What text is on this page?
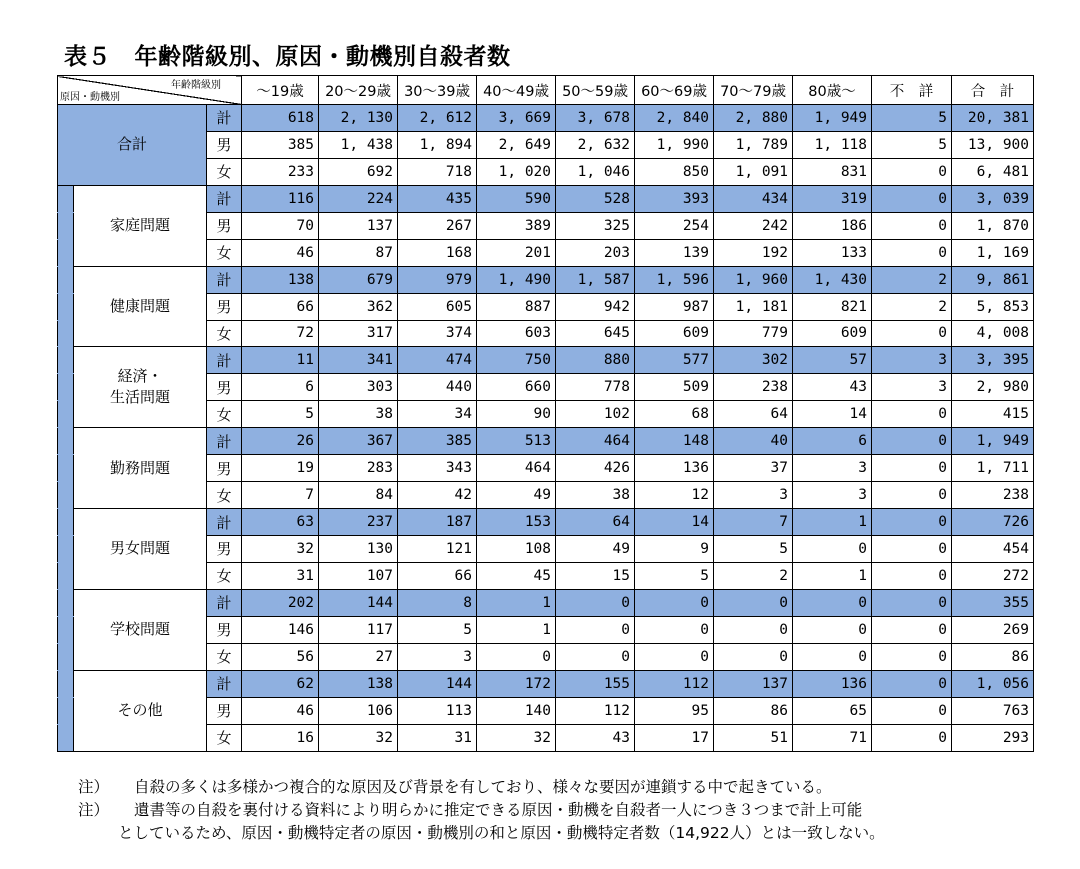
表５　年齢階級別、原因・動機別自殺者数
年齢階級別
原因・動機別			～19歳	20～29歳	30～39歳	40～49歳	50～59歳	60～69歳	70～79歳	80歳～	不　詳	合　計
合計		計	618	2, 130	2, 612	3, 669	3, 678	2, 840	2, 880	1, 949	5	20, 381
		男	385	1, 438	1, 894	2, 649	2, 632	1, 990	1, 789	1, 118	5	13, 900
		女	233	692	718	1, 020	1, 046	850	1, 091	831	0	6, 481
	家庭問題	計	116	224	435	590	528	393	434	319	0	3, 039
		男	70	137	267	389	325	254	242	186	0	1, 870
		女	46	87	168	201	203	139	192	133	0	1, 169
	健康問題	計	138	679	979	1, 490	1, 587	1, 596	1, 960	1, 430	2	9, 861
		男	66	362	605	887	942	987	1, 181	821	2	5, 853
		女	72	317	374	603	645	609	779	609	0	4, 008
	経済・
生活問題	計	11	341	474	750	880	577	302	57	3	3, 395
		男	6	303	440	660	778	509	238	43	3	2, 980
		女	5	38	34	90	102	68	64	14	0	415
	勤務問題	計	26	367	385	513	464	148	40	6	0	1, 949
		男	19	283	343	464	426	136	37	3	0	1, 711
		女	7	84	42	49	38	12	3	3	0	238
	男女問題	計	63	237	187	153	64	14	7	1	0	726
		男	32	130	121	108	49	9	5	0	0	454
		女	31	107	66	45	15	5	2	1	0	272
	学校問題	計	202	144	8	1	0	0	0	0	0	355
		男	146	117	5	1	0	0	0	0	0	269
		女	56	27	3	0	0	0	0	0	0	86
	その他	計	62	138	144	172	155	112	137	136	0	1, 056
		男	46	106	113	140	112	95	86	65	0	763
		女	16	32	31	32	43	17	51	71	0	293
注）	自殺の多くは多様かつ複合的な原因及び背景を有しており、様々な要因が連鎖する中で起きている。
注）	遺書等の自殺を裏付ける資料により明らかに推定できる原因・動機を自殺者一人につき３つまで計上可能
としているため、原因・動機特定者の原因・動機別の和と原因・動機特定者数（14,922人）とは一致しない。
